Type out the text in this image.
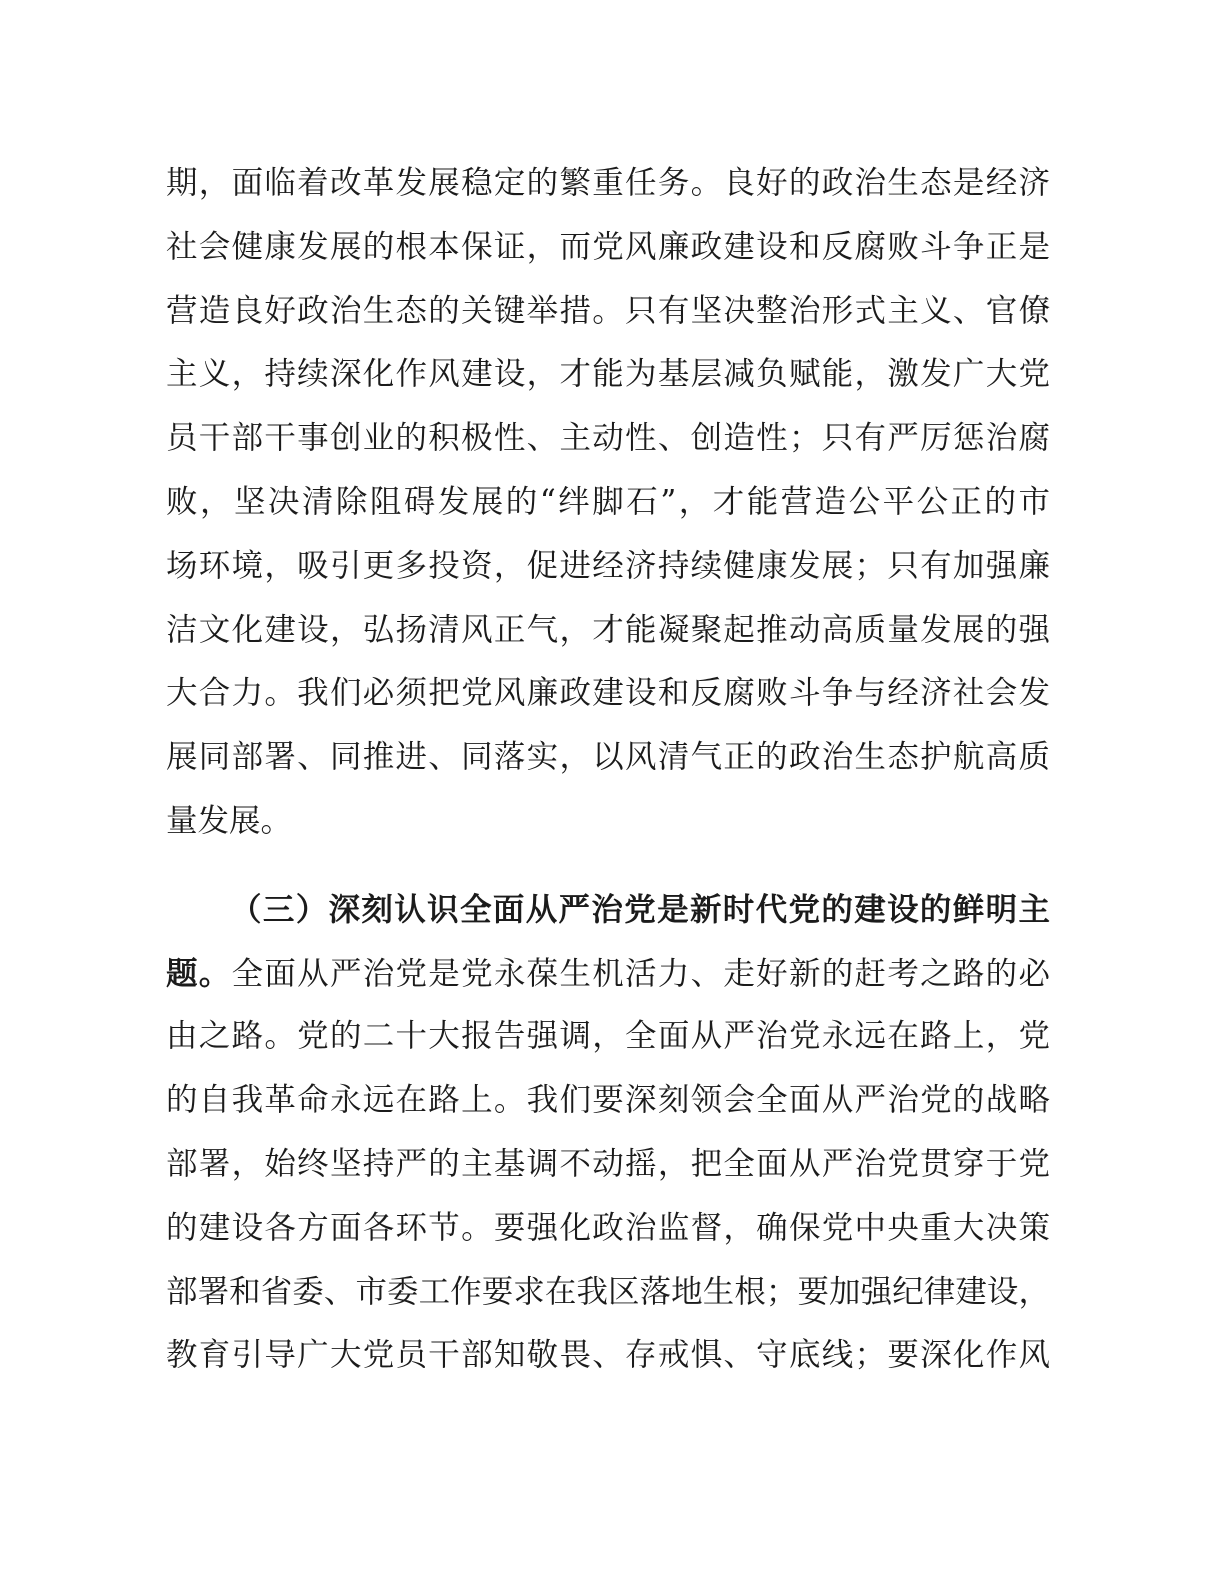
期，面临着改革发展稳定的繁重任务。良好的政治生态是经济
社会健康发展的根本保证，而党风廉政建设和反腐败斗争正是
营造良好政治生态的关键举措。只有坚决整治形式主义、官僚
主义，持续深化作风建设，才能为基层减负赋能，激发广大党
员干部干事创业的积极性、主动性、创造性；只有严厉惩治腐
败，坚决清除阻碍发展的“绊脚石”，才能营造公平公正的市
场环境，吸引更多投资，促进经济持续健康发展；只有加强廉
洁文化建设，弘扬清风正气，才能凝聚起推动高质量发展的强
大合力。我们必须把党风廉政建设和反腐败斗争与经济社会发
展同部署、同推进、同落实，以风清气正的政治生态护航高质
量发展。
（三）深刻认识全面从严治党是新时代党的建设的鲜明主
题。全面从严治党是党永葆生机活力、走好新的赶考之路的必
由之路。党的二十大报告强调，全面从严治党永远在路上，党
的自我革命永远在路上。我们要深刻领会全面从严治党的战略
部署，始终坚持严的主基调不动摇，把全面从严治党贯穿于党
的建设各方面各环节。要强化政治监督，确保党中央重大决策
部署和省委、市委工作要求在我区落地生根；要加强纪律建设，
教育引导广大党员干部知敬畏、存戒惧、守底线；要深化作风
